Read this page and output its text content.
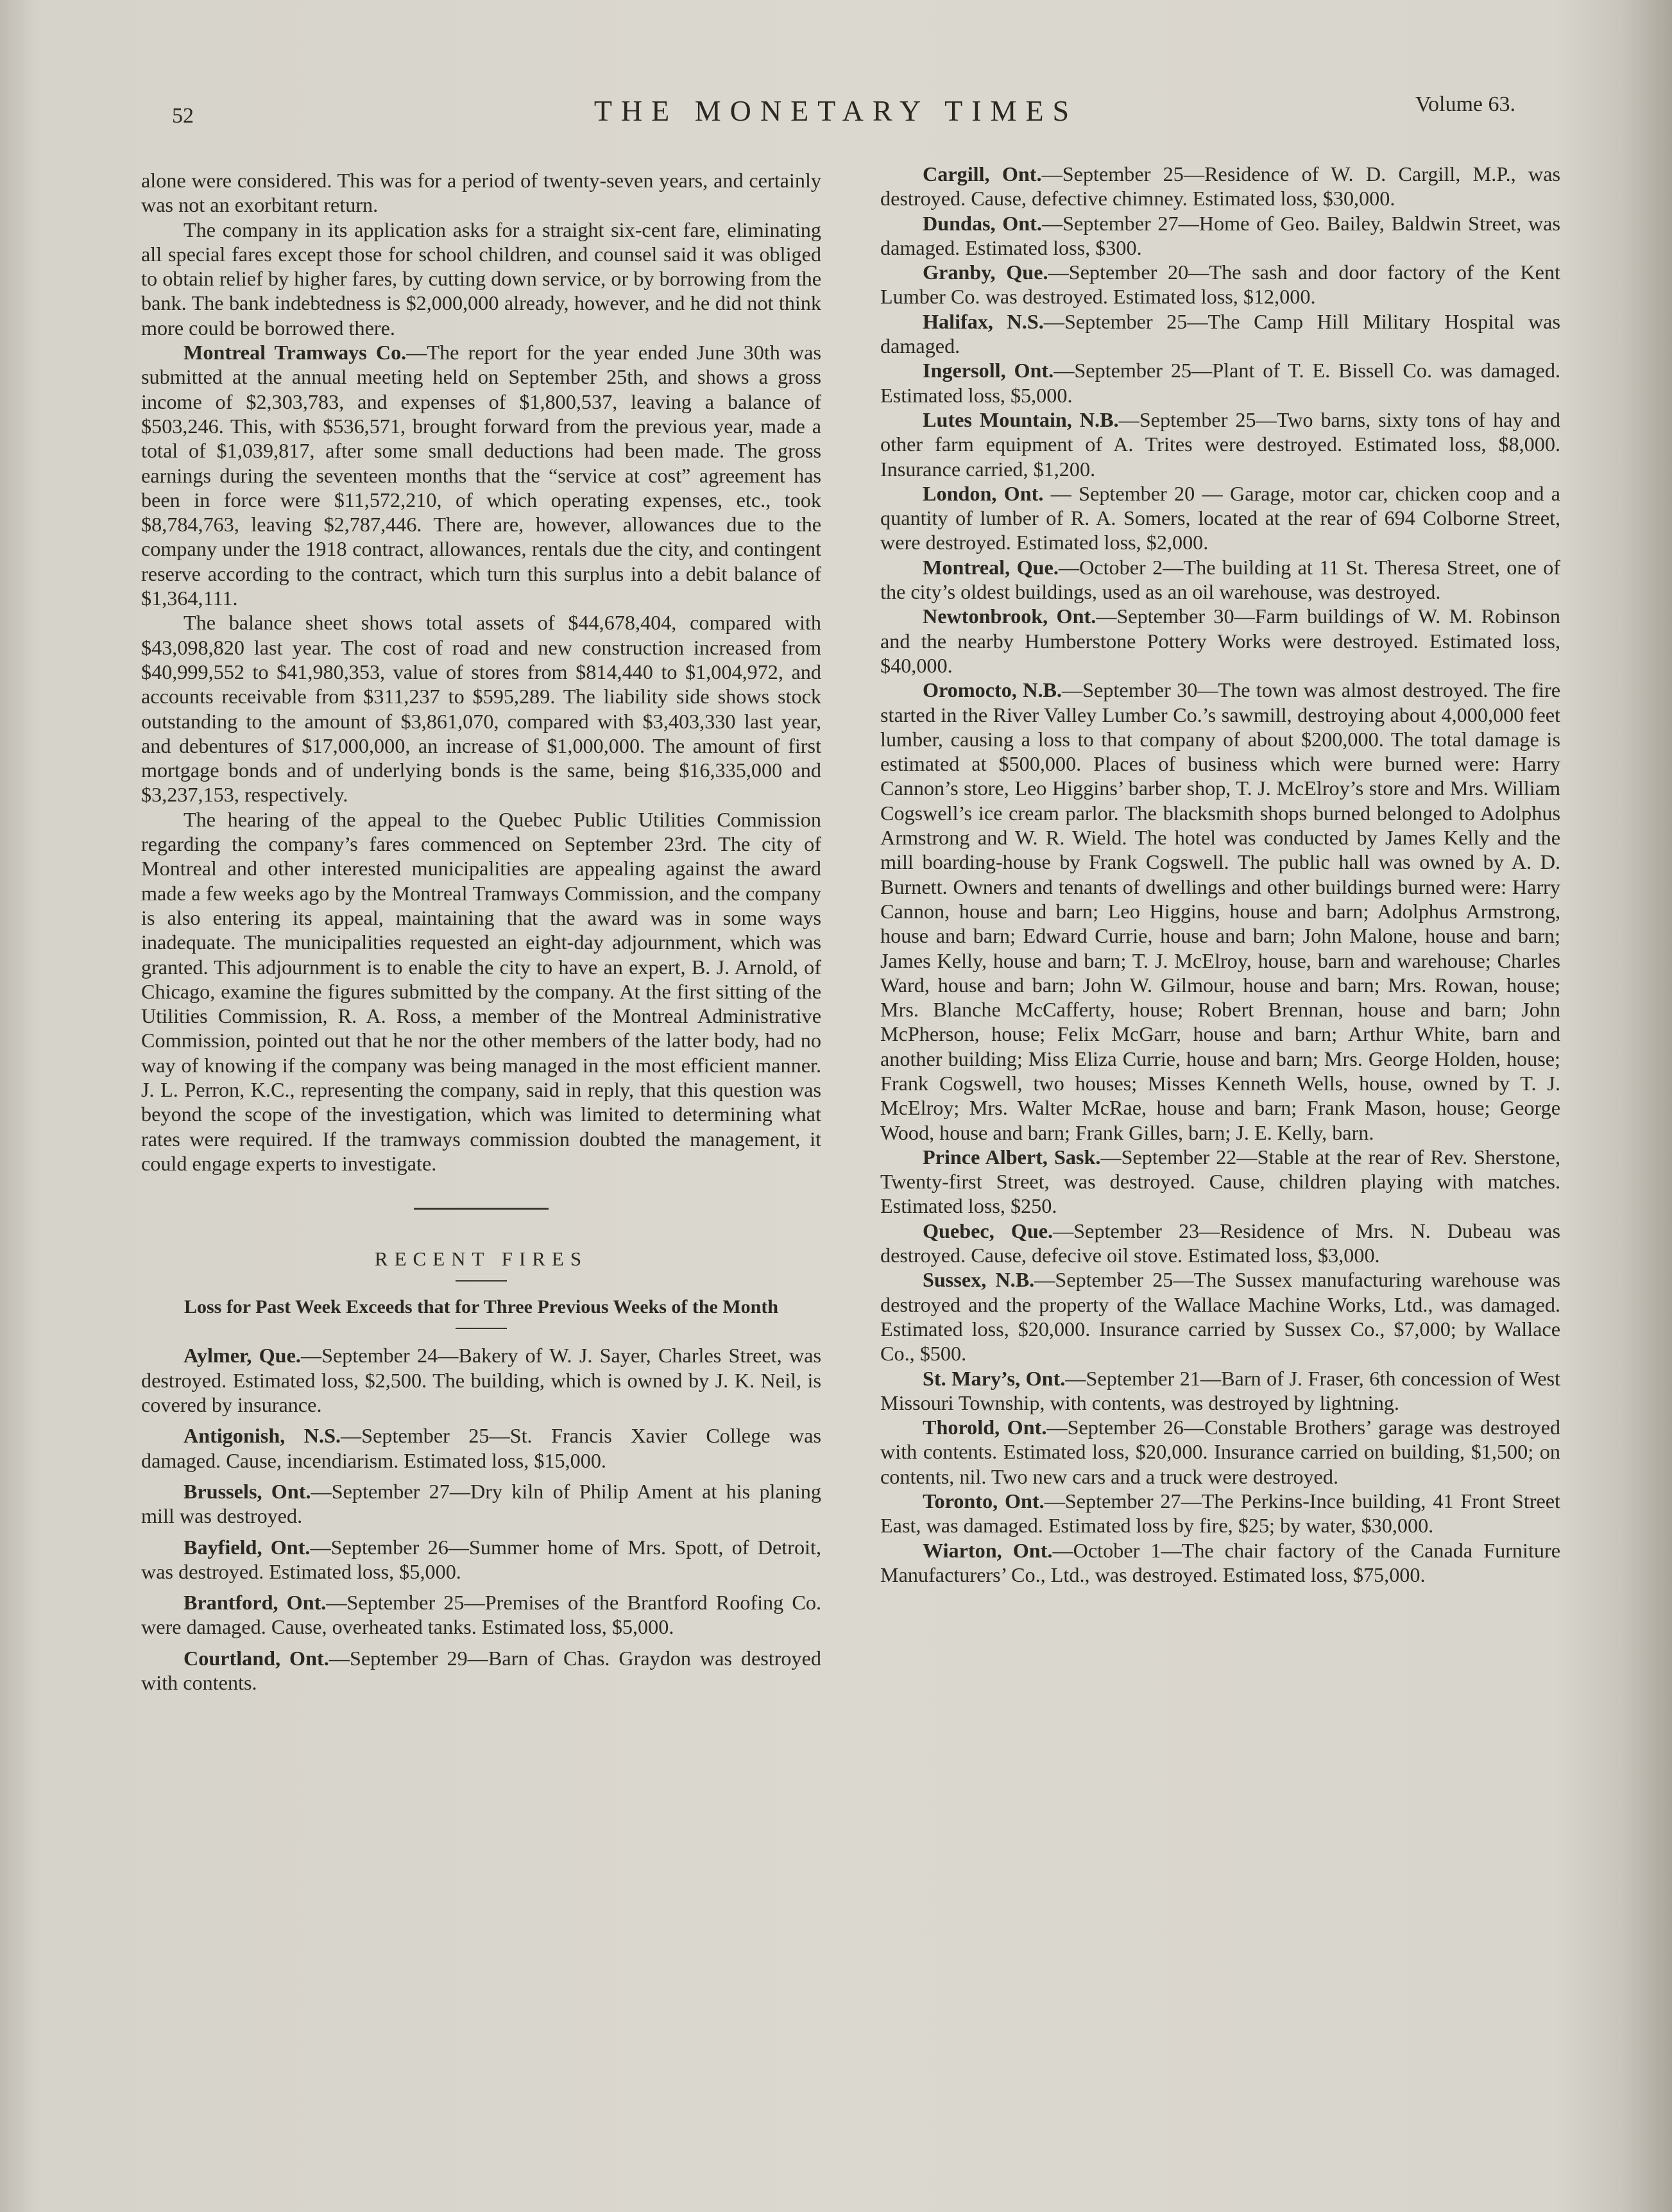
52	THE MONETARY TIMES	Volume 63.

alone were considered. This was for a period of twenty-seven years, and certainly was not an exorbitant return.

The company in its application asks for a straight six-cent fare, eliminating all special fares except those for school children, and counsel said it was obliged to obtain relief by higher fares, by cutting down service, or by borrowing from the bank. The bank indebtedness is $2,000,000 already, however, and he did not think more could be borrowed there.

Montreal Tramways Co.—The report for the year ended June 30th was submitted at the annual meeting held on September 25th, and shows a gross income of $2,303,783, and expenses of $1,800,537, leaving a balance of $503,246. This, with $536,571, brought forward from the previous year, made a total of $1,039,817, after some small deductions had been made. The gross earnings during the seventeen months that the “service at cost” agreement has been in force were $11,572,210, of which operating expenses, etc., took $8,784,763, leaving $2,787,446. There are, however, allowances due to the company under the 1918 contract, allowances, rentals due the city, and contingent reserve according to the contract, which turn this surplus into a debit balance of $1,364,111.

The balance sheet shows total assets of $44,678,404, compared with $43,098,820 last year. The cost of road and new construction increased from $40,999,552 to $41,980,353, value of stores from $814,440 to $1,004,972, and accounts receivable from $311,237 to $595,289. The liability side shows stock outstanding to the amount of $3,861,070, compared with $3,403,330 last year, and debentures of $17,000,000, an increase of $1,000,000. The amount of first mortgage bonds and of underlying bonds is the same, being $16,335,000 and $3,237,153, respectively.

The hearing of the appeal to the Quebec Public Utilities Commission regarding the company’s fares commenced on September 23rd. The city of Montreal and other interested municipalities are appealing against the award made a few weeks ago by the Montreal Tramways Commission, and the company is also entering its appeal, maintaining that the award was in some ways inadequate. The municipalities requested an eight-day adjournment, which was granted. This adjournment is to enable the city to have an expert, B. J. Arnold, of Chicago, examine the figures submitted by the company. At the first sitting of the Utilities Commission, R. A. Ross, a member of the Montreal Administrative Commission, pointed out that he nor the other members of the latter body, had no way of knowing if the company was being managed in the most efficient manner. J. L. Perron, K.C., representing the company, said in reply, that this question was beyond the scope of the investigation, which was limited to determining what rates were required. If the tramways commission doubted the management, it could engage experts to investigate.

RECENT FIRES
Loss for Past Week Exceeds that for Three Previous Weeks of the Month

Aylmer, Que.—September 24—Bakery of W. J. Sayer, Charles Street, was destroyed. Estimated loss, $2,500. The building, which is owned by J. K. Neil, is covered by insurance.

Antigonish, N.S.—September 25—St. Francis Xavier College was damaged. Cause, incendiarism. Estimated loss, $15,000.

Brussels, Ont.—September 27—Dry kiln of Philip Ament at his planing mill was destroyed.

Bayfield, Ont.—September 26—Summer home of Mrs. Spott, of Detroit, was destroyed. Estimated loss, $5,000.

Brantford, Ont.—September 25—Premises of the Brantford Roofing Co. were damaged. Cause, overheated tanks. Estimated loss, $5,000.

Courtland, Ont.—September 29—Barn of Chas. Graydon was destroyed with contents.

Cargill, Ont.—September 25—Residence of W. D. Cargill, M.P., was destroyed. Cause, defective chimney. Estimated loss, $30,000.

Dundas, Ont.—September 27—Home of Geo. Bailey, Baldwin Street, was damaged. Estimated loss, $300.

Granby, Que.—September 20—The sash and door factory of the Kent Lumber Co. was destroyed. Estimated loss, $12,000.

Halifax, N.S.—September 25—The Camp Hill Military Hospital was damaged.

Ingersoll, Ont.—September 25—Plant of T. E. Bissell Co. was damaged. Estimated loss, $5,000.

Lutes Mountain, N.B.—September 25—Two barns, sixty tons of hay and other farm equipment of A. Trites were destroyed. Estimated loss, $8,000. Insurance carried, $1,200.

London, Ont. — September 20 — Garage, motor car, chicken coop and a quantity of lumber of R. A. Somers, located at the rear of 694 Colborne Street, were destroyed. Estimated loss, $2,000.

Montreal, Que.—October 2—The building at 11 St. Theresa Street, one of the city’s oldest buildings, used as an oil warehouse, was destroyed.

Newtonbrook, Ont.—September 30—Farm buildings of W. M. Robinson and the nearby Humberstone Pottery Works were destroyed. Estimated loss, $40,000.

Oromocto, N.B.—September 30—The town was almost destroyed. The fire started in the River Valley Lumber Co.’s sawmill, destroying about 4,000,000 feet lumber, causing a loss to that company of about $200,000. The total damage is estimated at $500,000. Places of business which were burned were: Harry Cannon’s store, Leo Higgins’ barber shop, T. J. McElroy’s store and Mrs. William Cogswell’s ice cream parlor. The blacksmith shops burned belonged to Adolphus Armstrong and W. R. Wield. The hotel was conducted by James Kelly and the mill boarding-house by Frank Cogswell. The public hall was owned by A. D. Burnett. Owners and tenants of dwellings and other buildings burned were: Harry Cannon, house and barn; Leo Higgins, house and barn; Adolphus Armstrong, house and barn; Edward Currie, house and barn; John Malone, house and barn; James Kelly, house and barn; T. J. McElroy, house, barn and warehouse; Charles Ward, house and barn; John W. Gilmour, house and barn; Mrs. Rowan, house; Mrs. Blanche McCafferty, house; Robert Brennan, house and barn; John McPherson, house; Felix McGarr, house and barn; Arthur White, barn and another building; Miss Eliza Currie, house and barn; Mrs. George Holden, house; Frank Cogswell, two houses; Misses Kenneth Wells, house, owned by T. J. McElroy; Mrs. Walter McRae, house and barn; Frank Mason, house; George Wood, house and barn; Frank Gilles, barn; J. E. Kelly, barn.

Prince Albert, Sask.—September 22—Stable at the rear of Rev. Sherstone, Twenty-first Street, was destroyed. Cause, children playing with matches. Estimated loss, $250.

Quebec, Que.—September 23—Residence of Mrs. N. Dubeau was destroyed. Cause, defecive oil stove. Estimated loss, $3,000.

Sussex, N.B.—September 25—The Sussex manufacturing warehouse was destroyed and the property of the Wallace Machine Works, Ltd., was damaged. Estimated loss, $20,000. Insurance carried by Sussex Co., $7,000; by Wallace Co., $500.

St. Mary’s, Ont.—September 21—Barn of J. Fraser, 6th concession of West Missouri Township, with contents, was destroyed by lightning.

Thorold, Ont.—September 26—Constable Brothers’ garage was destroyed with contents. Estimated loss, $20,000. Insurance carried on building, $1,500; on contents, nil. Two new cars and a truck were destroyed.

Toronto, Ont.—September 27—The Perkins-Ince building, 41 Front Street East, was damaged. Estimated loss by fire, $25; by water, $30,000.

Wiarton, Ont.—October 1—The chair factory of the Canada Furniture Manufacturers’ Co., Ltd., was destroyed. Estimated loss, $75,000.
